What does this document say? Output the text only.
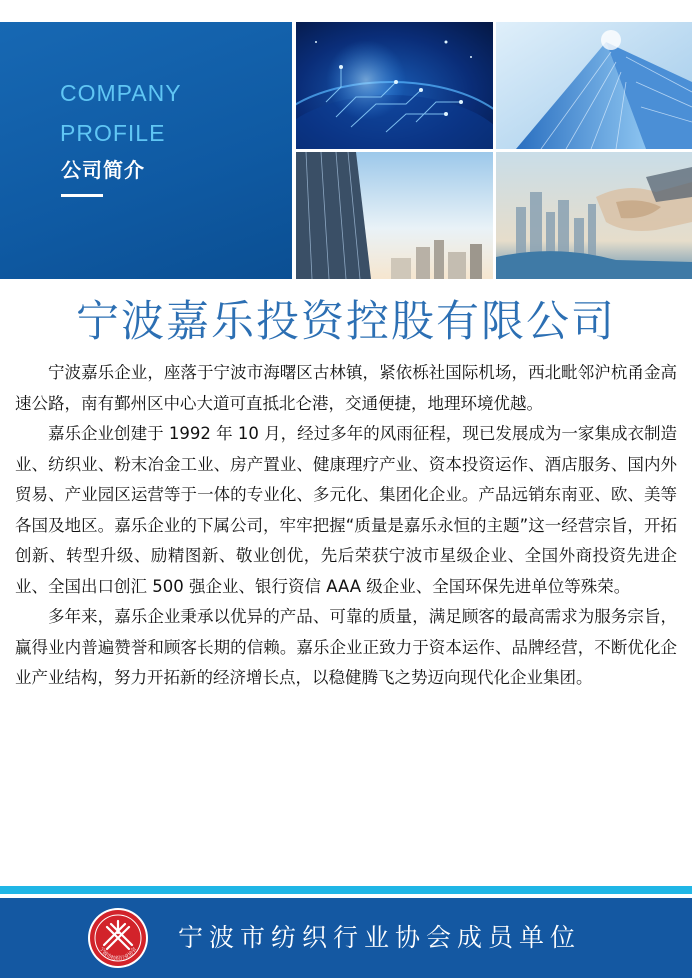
COMPANY
PROFILE
公司简介
宁波嘉乐投资控股有限公司

宁波嘉乐企业，座落于宁波市海曙区古林镇，紧依栎社国际机场，西北毗邻沪杭甬金高速公路，南有鄞州区中心大道可直抵北仑港，交通便捷，地理环境优越。

嘉乐企业创建于 1992 年 10 月，经过多年的风雨征程，现已发展成为一家集成衣制造业、纺织业、粉末冶金工业、房产置业、健康理疗产业、资本投资运作、酒店服务、国内外贸易、产业园区运营等于一体的专业化、多元化、集团化企业。产品远销东南亚、欧、美等各国及地区。嘉乐企业的下属公司，牢牢把握“质量是嘉乐永恒的主题”这一经营宗旨，开拓创新、转型升级、励精图新、敬业创优，先后荣获宁波市星级企业、全国外商投资先进企业、全国出口创汇 500 强企业、银行资信 AAA 级企业、全国环保先进单位等殊荣。

多年来，嘉乐企业秉承以优异的产品、可靠的质量，满足顾客的最高需求为服务宗旨，赢得业内普遍赞誉和顾客长期的信赖。嘉乐企业正致力于资本运作、品牌经营，不断优化企业产业结构，努力开拓新的经济增长点，以稳健腾飞之势迈向现代化企业集团。

宁波市纺织行业协会 宁波市纺织行业协会成员单位
